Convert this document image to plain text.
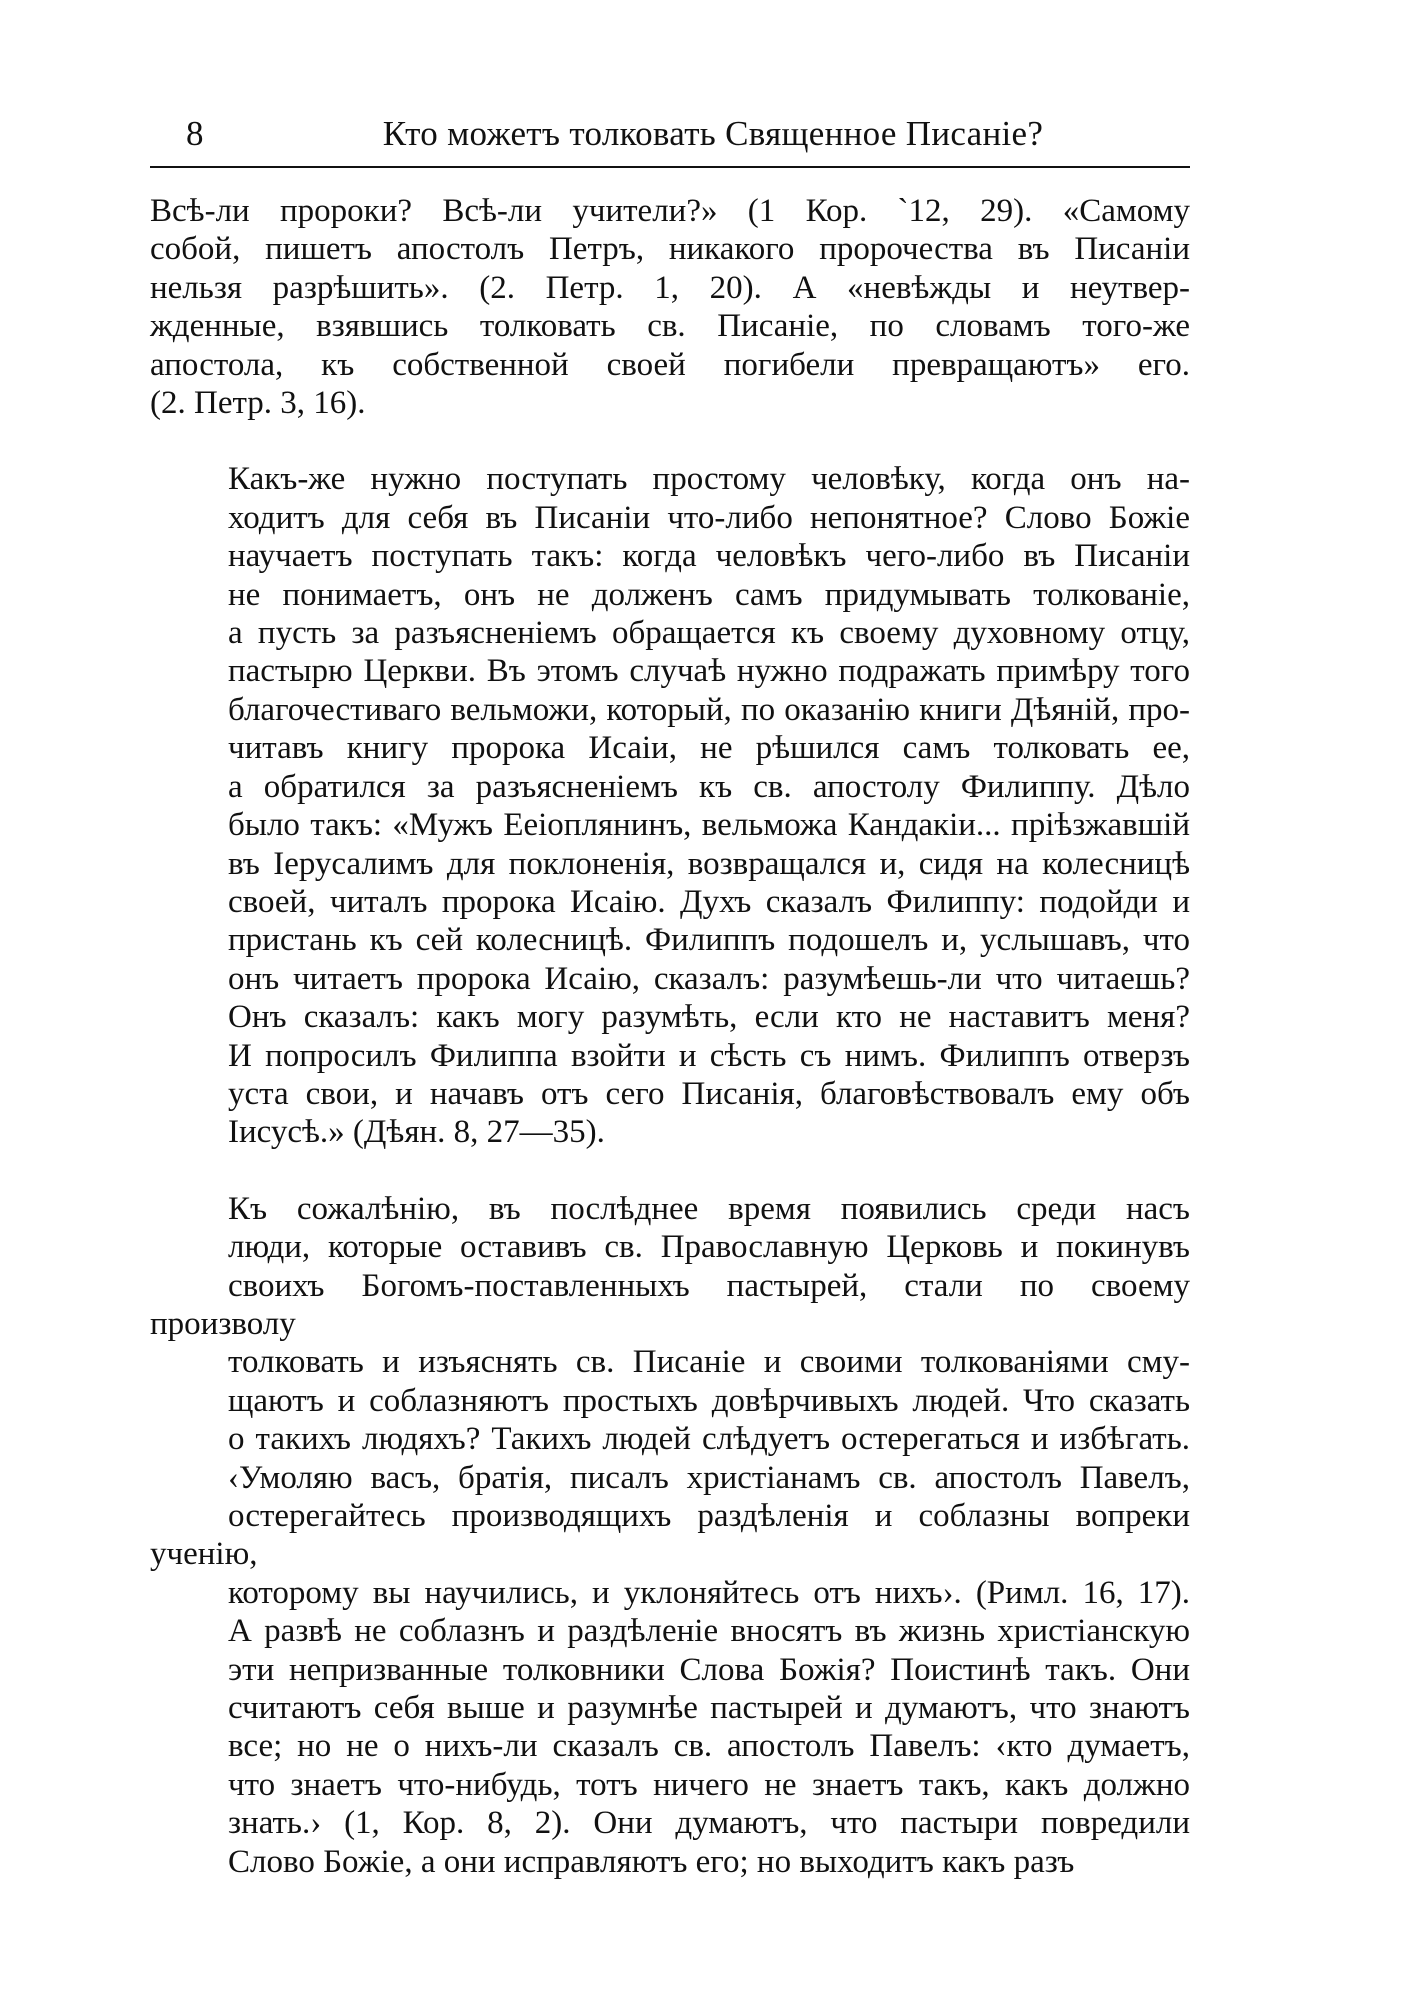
8	Кто можетъ толковать Священное Писаніе?

Всѣ-ли пророки? Всѣ-ли учители?» (1 Кор. `12, 29). «Самому
собой, пишетъ апостолъ Петръ, никакого пророчества въ Писаніи
нельзя разрѣшить». (2. Петр. 1, 20). А «невѣжды и неутвер-
жденные, взявшись толковать св. Писаніе, по словамъ того-же
апостола, къ собственной своей погибели превращаютъ» его.
(2. Петр. 3, 16).

Какъ-же нужно поступать простому человѣку, когда онъ на-
ходитъ для себя въ Писаніи что-либо непонятное? Слово Божіе
научаетъ поступать такъ: когда человѣкъ чего-либо въ Писаніи
не понимаетъ, онъ не долженъ самъ придумывать толкованіе,
а пусть за разъясненіемъ обращается къ своему духовному отцу,
пастырю Церкви. Въ этомъ случаѣ нужно подражать примѣру того
благочестиваго вельможи, который, по оказанію книги Дѣяній, про-
читавъ книгу пророка Исаіи, не рѣшился самъ толковать ее,
а обратился за разъясненіемъ къ св. апостолу Филиппу. Дѣло
было такъ: «Мужъ Ееіоплянинъ, вельможа Кандакіи... пріѣзжавшій
въ Іерусалимъ для поклоненія, возвращался и, сидя на колесницѣ
своей, читалъ пророка Исаію. Духъ сказалъ Филиппу: подойди и
пристань къ сей колесницѣ. Филиппъ подошелъ и, услышавъ, что
онъ читаетъ пророка Исаію, сказалъ: разумѣешь-ли что читаешь?
Онъ сказалъ: какъ могу разумѣть, если кто не наставитъ меня?
И попросилъ Филиппа взойти и сѣсть съ нимъ. Филиппъ отверзъ
уста свои, и начавъ отъ сего Писанія, благовѣствовалъ ему объ
Іисусѣ.» (Дѣян. 8, 27—35).

Къ сожалѣнію, въ послѣднее время появились среди насъ
люди, которые оставивъ св. Православную Церковь и покинувъ
своихъ Богомъ-поставленныхъ пастырей, стали по своему произволу
толковать и изъяснять св. Писаніе и своими толкованіями сму-
щаютъ и соблазняютъ простыхъ довѣрчивыхъ людей. Что сказать
о такихъ людяхъ? Такихъ людей слѣдуетъ остерегаться и избѣгать.
‹Умоляю васъ, братія, писалъ христіанамъ св. апостолъ Павелъ,
остерегайтесь производящихъ раздѣленія и соблазны вопреки ученію,
которому вы научились, и уклоняйтесь отъ нихъ›. (Римл. 16, 17).
А развѣ не соблазнъ и раздѣленіе вносятъ въ жизнь христіанскую
эти непризванные толковники Слова Божія? Поистинѣ такъ. Они
считаютъ себя выше и разумнѣе пастырей и думаютъ, что знаютъ
все; но не о нихъ-ли сказалъ св. апостолъ Павелъ: ‹кто думаетъ,
что знаетъ что-нибудь, тотъ ничего не знаетъ такъ, какъ должно
знать.› (1, Кор. 8, 2). Они думаютъ, что пастыри повредили
Слово Божіе, а они исправляютъ его; но выходитъ какъ разъ
